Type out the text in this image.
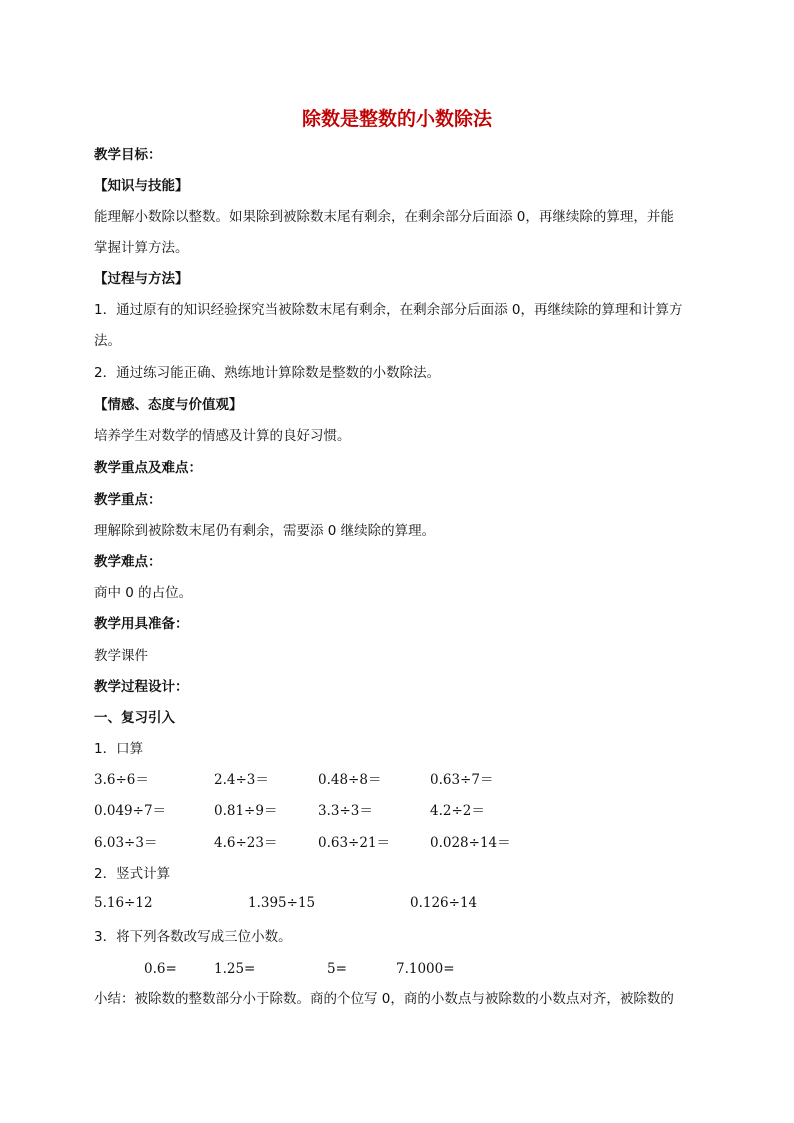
除数是整数的小数除法
教学目标：
【知识与技能】
能理解小数除以整数。如果除到被除数末尾有剩余，在剩余部分后面添 0，再继续除的算理，并能
掌握计算方法。
【过程与方法】
1．通过原有的知识经验探究当被除数末尾有剩余，在剩余部分后面添 0，再继续除的算理和计算方
法。
2．通过练习能正确、熟练地计算除数是整数的小数除法。
【情感、态度与价值观】
培养学生对数学的情感及计算的良好习惯。
教学重点及难点：
教学重点：
理解除到被除数末尾仍有剩余，需要添 0 继续除的算理。
教学难点：
商中 0 的占位。
教学用具准备：
教学课件
教学过程设计：
一、复习引入
1．口算
3.6÷6＝	2.4÷3＝	0.48÷8＝	0.63÷7＝
0.049÷7＝	0.81÷9＝	3.3÷3＝	4.2÷2＝
6.03÷3＝	4.6÷23＝	0.63÷21＝	0.028÷14＝
2．竖式计算
5.16÷12	1.395÷15	0.126÷14
3．将下列各数改写成三位小数。
0.6=	1.25=	5=	7.1000=
小结：被除数的整数部分小于除数。商的个位写 0，商的小数点与被除数的小数点对齐，被除数的
